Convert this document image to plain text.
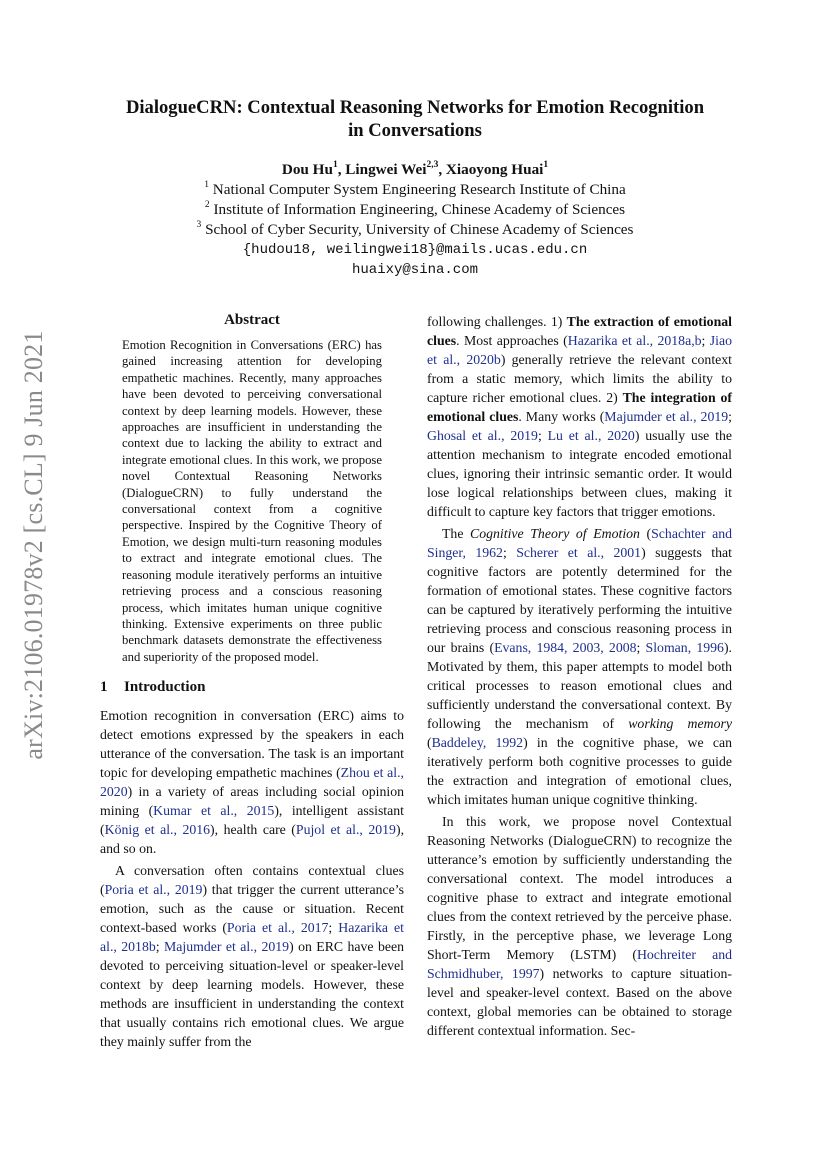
arXiv:2106.01978v2 [cs.CL] 9 Jun 2021
DialogueCRN: Contextual Reasoning Networks for Emotion Recognition
in Conversations
Dou Hu$^1$, Lingwei Wei$^{2,3}$, Xiaoyong Huai$^1$
$^1$ National Computer System Engineering Research Institute of China
$^2$ Institute of Information Engineering, Chinese Academy of Sciences
$^3$ School of Cyber Security, University of Chinese Academy of Sciences
{hudou18, weilingwei18}@mails.ucas.edu.cn
huaixy@sina.com
Abstract
Emotion Recognition in Conversations (ERC) has gained increasing attention for developing empathetic machines. Recently, many approaches have been devoted to perceiving conversational context by deep learning models. However, these approaches are insufficient in understanding the context due to lacking the ability to extract and integrate emotional clues. In this work, we propose novel Contextual Reasoning Networks (DialogueCRN) to fully understand the conversational context from a cognitive perspective. Inspired by the Cognitive Theory of Emotion, we design multi-turn reasoning modules to extract and integrate emotional clues. The reasoning module iteratively performs an intuitive retrieving process and a conscious reasoning process, which imitates human unique cognitive thinking. Extensive experiments on three public benchmark datasets demonstrate the effectiveness and superiority of the proposed model.
1 Introduction

Emotion recognition in conversation (ERC) aims to detect emotions expressed by the speakers in each utterance of the conversation. The task is an important topic for developing empathetic machines (Zhou et al., 2020) in a variety of areas including social opinion mining (Kumar et al., 2015), intelligent assistant (König et al., 2016), health care (Pujol et al., 2019), and so on.

A conversation often contains contextual clues (Poria et al., 2019) that trigger the current utterance’s emotion, such as the cause or situation. Recent context-based works (Poria et al., 2017; Hazarika et al., 2018b; Majumder et al., 2019) on ERC have been devoted to perceiving situation-level or speaker-level context by deep learning models. However, these methods are insufficient in understanding the context that usually contains rich emotional clues. We argue they mainly suffer from the

following challenges. 1) The extraction of emotional clues. Most approaches (Hazarika et al., 2018a,b; Jiao et al., 2020b) generally retrieve the relevant context from a static memory, which limits the ability to capture richer emotional clues. 2) The integration of emotional clues. Many works (Majumder et al., 2019; Ghosal et al., 2019; Lu et al., 2020) usually use the attention mechanism to integrate encoded emotional clues, ignoring their intrinsic semantic order. It would lose logical relationships between clues, making it difficult to capture key factors that trigger emotions.

The Cognitive Theory of Emotion (Schachter and Singer, 1962; Scherer et al., 2001) suggests that cognitive factors are potently determined for the formation of emotional states. These cognitive factors can be captured by iteratively performing the intuitive retrieving process and conscious reasoning process in our brains (Evans, 1984, 2003, 2008; Sloman, 1996). Motivated by them, this paper attempts to model both critical processes to reason emotional clues and sufficiently understand the conversational context. By following the mechanism of working memory (Baddeley, 1992) in the cognitive phase, we can iteratively perform both cognitive processes to guide the extraction and integration of emotional clues, which imitates human unique cognitive thinking.

In this work, we propose novel Contextual Reasoning Networks (DialogueCRN) to recognize the utterance’s emotion by sufficiently understanding the conversational context. The model introduces a cognitive phase to extract and integrate emotional clues from the context retrieved by the perceive phase. Firstly, in the perceptive phase, we leverage Long Short-Term Memory (LSTM) (Hochreiter and Schmidhuber, 1997) networks to capture situation-level and speaker-level context. Based on the above context, global memories can be obtained to storage different contextual information. Sec-
